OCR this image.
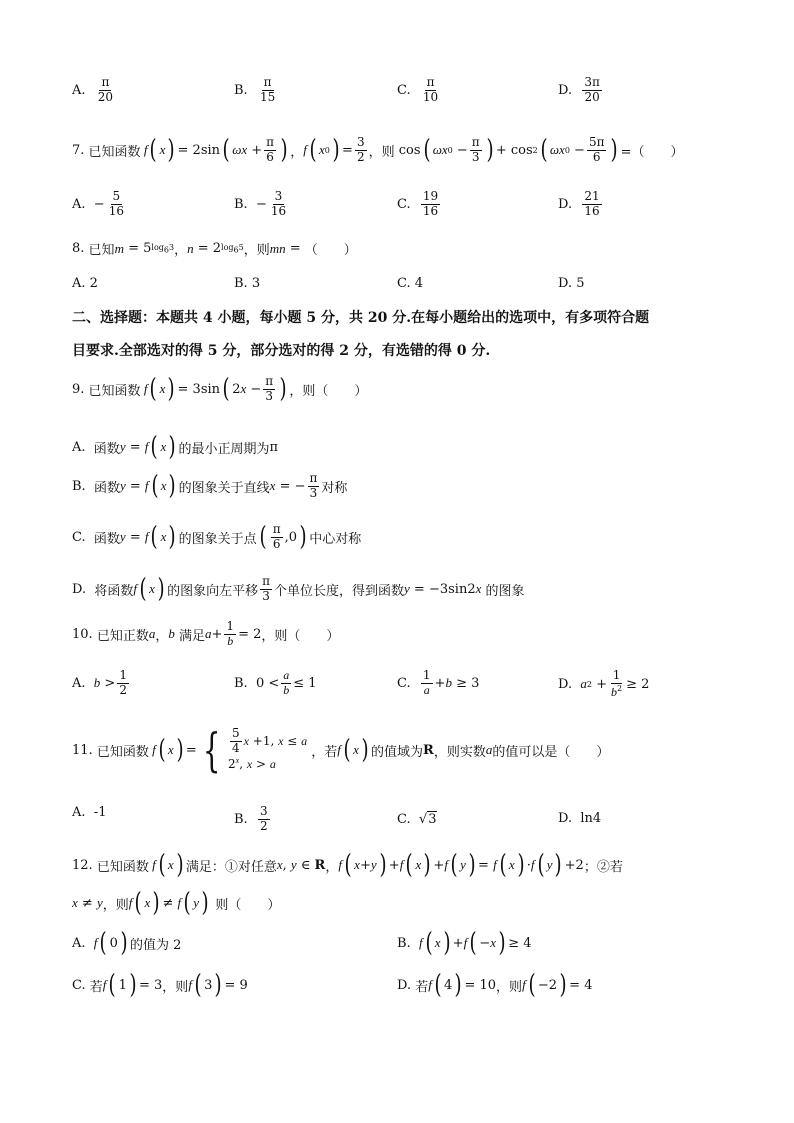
A.
$\frac{\pi}{20}$	B.
$\frac{\pi}{15}$	C.
$\frac{\pi}{10}$	D.
$\frac{3\pi}{20}$
7.
已知函数 f ( x ) = 2sin ( $\omega x + \frac{\pi}{6}$ ) ， f ( x 0 ) = $\frac{3}{2}$ ，则 cos ( ωx $0 - \frac{\pi}{3}$ ) + cos 2 ( ωx $0 - \frac{5\pi}{6}$ ) =（　　）
A.
− $\frac{5}{16}$	B.
− $\frac{3}{16}$	C.
$\frac{19}{16}$	D.
$\frac{21}{16}$
8.
已知 m = 5 $\log_63$ ， n = 2 $\log_65$ ，则 mn = （　　）
A. 2	B. 3	C. 4	D. 5
二、选择题：本题共 4 小题，每小题 5 分，共 20 分.在每小题给出的选项中，有多项符合题
目要求.全部选对的得 5 分，部分选对的得 2 分，有选错的得 0 分.
9.
已知函数 f ( x ) = 3sin ( 2 $x - \frac{\pi}{3}$ ) ，则（　　）
A.
函数 y = f ( x ) 的最小正周期为 π
B.
函数 y = f ( x ) 的图象关于直线 x = − $\frac{\pi}{3}$ 对称
C.
函数 y = f ( x ) 的图象关于点 ( $\frac{\pi}{6} ,0$ ) 中心对称
D.
将函数 f ( x ) 的图象向左平移 $\frac{\pi}{3}$ 个单位长度，得到函数 y = −3sin2 x
的图象
10.
已知正数 a ， b
满足 $a + \frac{1}{b} = 2$ ，则（　　）
A.
$b > \frac{1}{2}$	B. $0 < \frac{a}{b} \le 1$	C.
$\frac{1}{a} + b \ge 3$	D.
a $2 + \frac{1}{b^2} \ge 2$
11.
已知函数 f ( x ) = { $\frac{5}{4}$ x +1, x ≤ a
2$^x$, x > a

，若 f ( x ) 的值域为 R ，则实数 a 的值可以是（　　）
A.
-1	B.
$\frac{3}{2}$	C. √ 3	D.
ln4
12.
已知函数 f ( x ) 满足：①对任意 x , y ∈ R ， f ( x + y ) + f ( x ) + f ( y ) = f ( x ) · f ( y ) +2 ；②若
x ≠ y ，则 f ( x ) ≠ f ( y )
则（　　）
A.
f ( 0 ) 的值为 2	B.
f ( x ) + f ( − x ) ≥ 4
C.
若 f ( 1 ) = 3 ，则 f ( 3 ) = 9	D.
若 f ( 4 ) = 10 ，则 f ( −2 ) = 4
